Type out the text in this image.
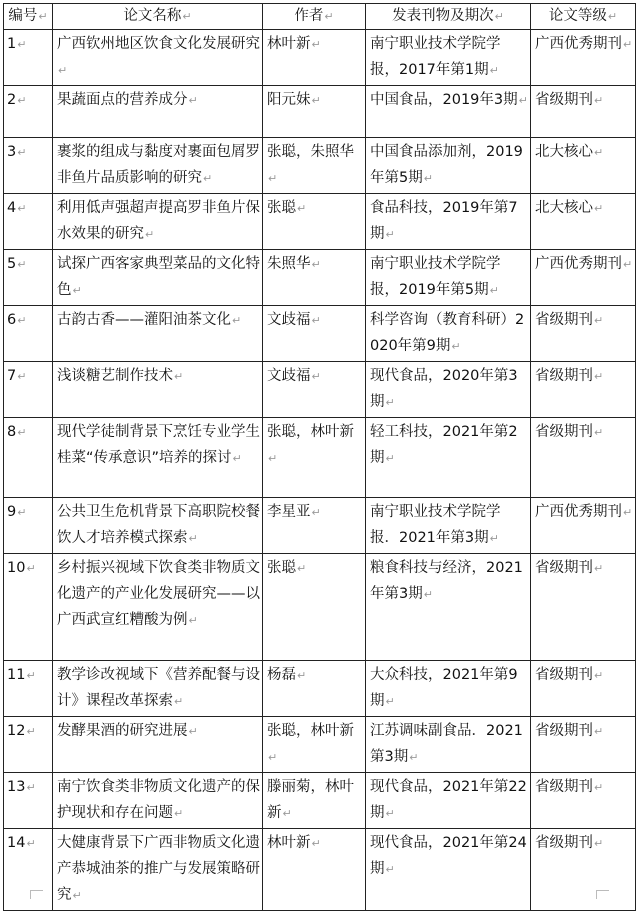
编号↵	论文名称↵	作者↵	发表刊物及期次↵	论文等级↵
1↵	广西钦州地区饮食文化发展研究↵	林叶新↵	南宁职业技术学院学报，2017年第1期↵	广西优秀期刊↵
2↵	果蔬面点的营养成分↵	阳元妹↵	中国食品，2019年3期↵	省级期刊↵
3↵	裹浆的组成与黏度对裹面包屑罗非鱼片品质影响的研究↵	张聪，朱照华↵	中国食品添加剂，2019年第5期↵	北大核心↵
4↵	利用低声强超声提高罗非鱼片保水效果的研究↵	张聪↵	食品科技，2019年第7期↵	北大核心↵
5↵	试探广西客家典型菜品的文化特色↵	朱照华↵	南宁职业技术学院学报，2019年第5期↵	广西优秀期刊↵
6↵	古韵古香——灌阳油茶文化↵	文歧福↵	科学咨询（教育科研）2020年第9期↵	省级期刊↵
7↵	浅谈糖艺制作技术↵	文歧福↵	现代食品，2020年第3期↵	省级期刊↵
8↵	现代学徒制背景下烹饪专业学生桂菜“传承意识”培养的探讨↵	张聪，林叶新↵	轻工科技，2021年第2期↵	省级期刊↵
9↵	公共卫生危机背景下高职院校餐饮人才培养模式探索↵	李星亚↵	南宁职业技术学院学报．2021年第3期↵	广西优秀期刊↵
10↵	乡村振兴视域下饮食类非物质文化遗产的产业化发展研究——以广西武宣红糟酸为例↵	张聪↵	粮食科技与经济，2021年第3期↵	省级期刊↵
11↵	教学诊改视域下《营养配餐与设计》课程改革探索↵	杨磊↵	大众科技，2021年第9期↵	省级期刊↵
12↵	发酵果酒的研究进展↵	张聪，林叶新↵	江苏调味副食品．2021第3期↵	省级期刊↵
13↵	南宁饮食类非物质文化遗产的保护现状和存在问题↵	滕丽菊，林叶新↵	现代食品，2021年第22期↵	省级期刊↵
14↵	大健康背景下广西非物质文化遗产恭城油茶的推广与发展策略研究↵	林叶新↵	现代食品，2021年第24期↵	省级期刊↵
